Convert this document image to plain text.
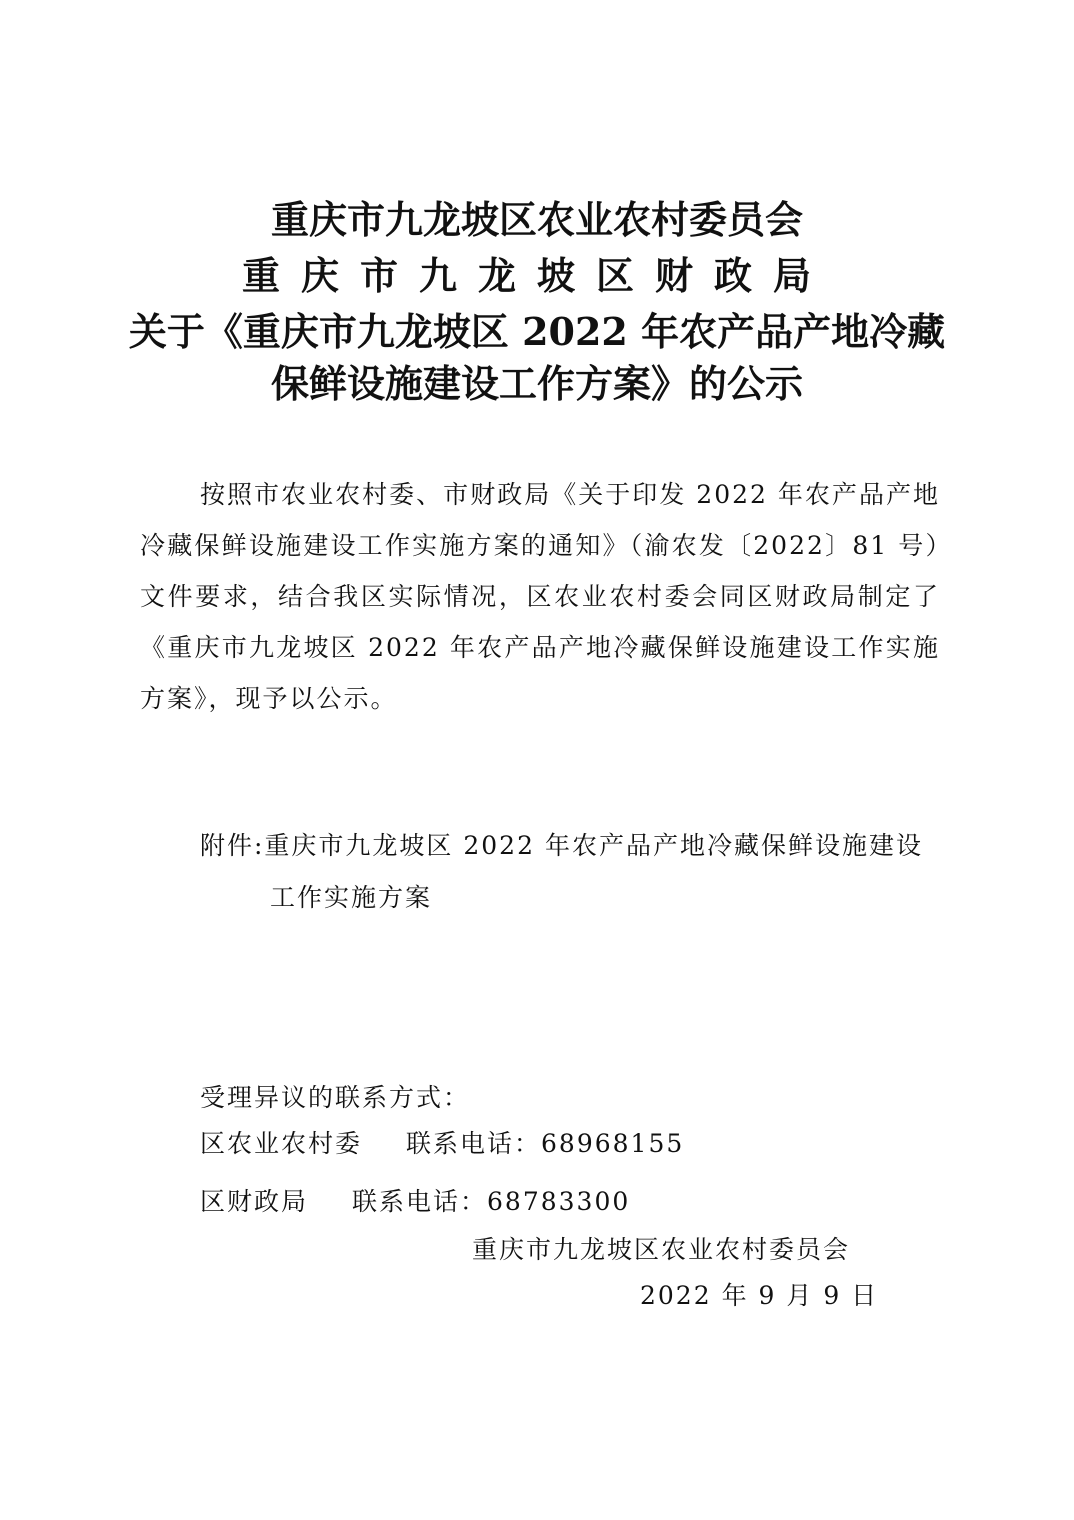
重庆市九龙坡区农业农村委员会
重庆市九龙坡区财政局
关于《重庆市九龙坡区 2022 年农产品产地冷藏
保鲜设施建设工作方案》的公示
按照市农业农村委、市财政局《关于印发 2022 年农产品产地冷藏保鲜设施建设工作实施方案的通知》（渝农发〔2022〕81 号）文件要求，结合我区实际情况，区农业农村委会同区财政局制定了《重庆市九龙坡区 2022 年农产品产地冷藏保鲜设施建设工作实施方案》，现予以公示。
附件:重庆市九龙坡区 2022 年农产品产地冷藏保鲜设施建设
工作实施方案
受理异议的联系方式：
区农业农村委 联系电话：68968155
区财政局 联系电话：68783300
重庆市九龙坡区农业农村委员会
2022 年 9 月 9 日
